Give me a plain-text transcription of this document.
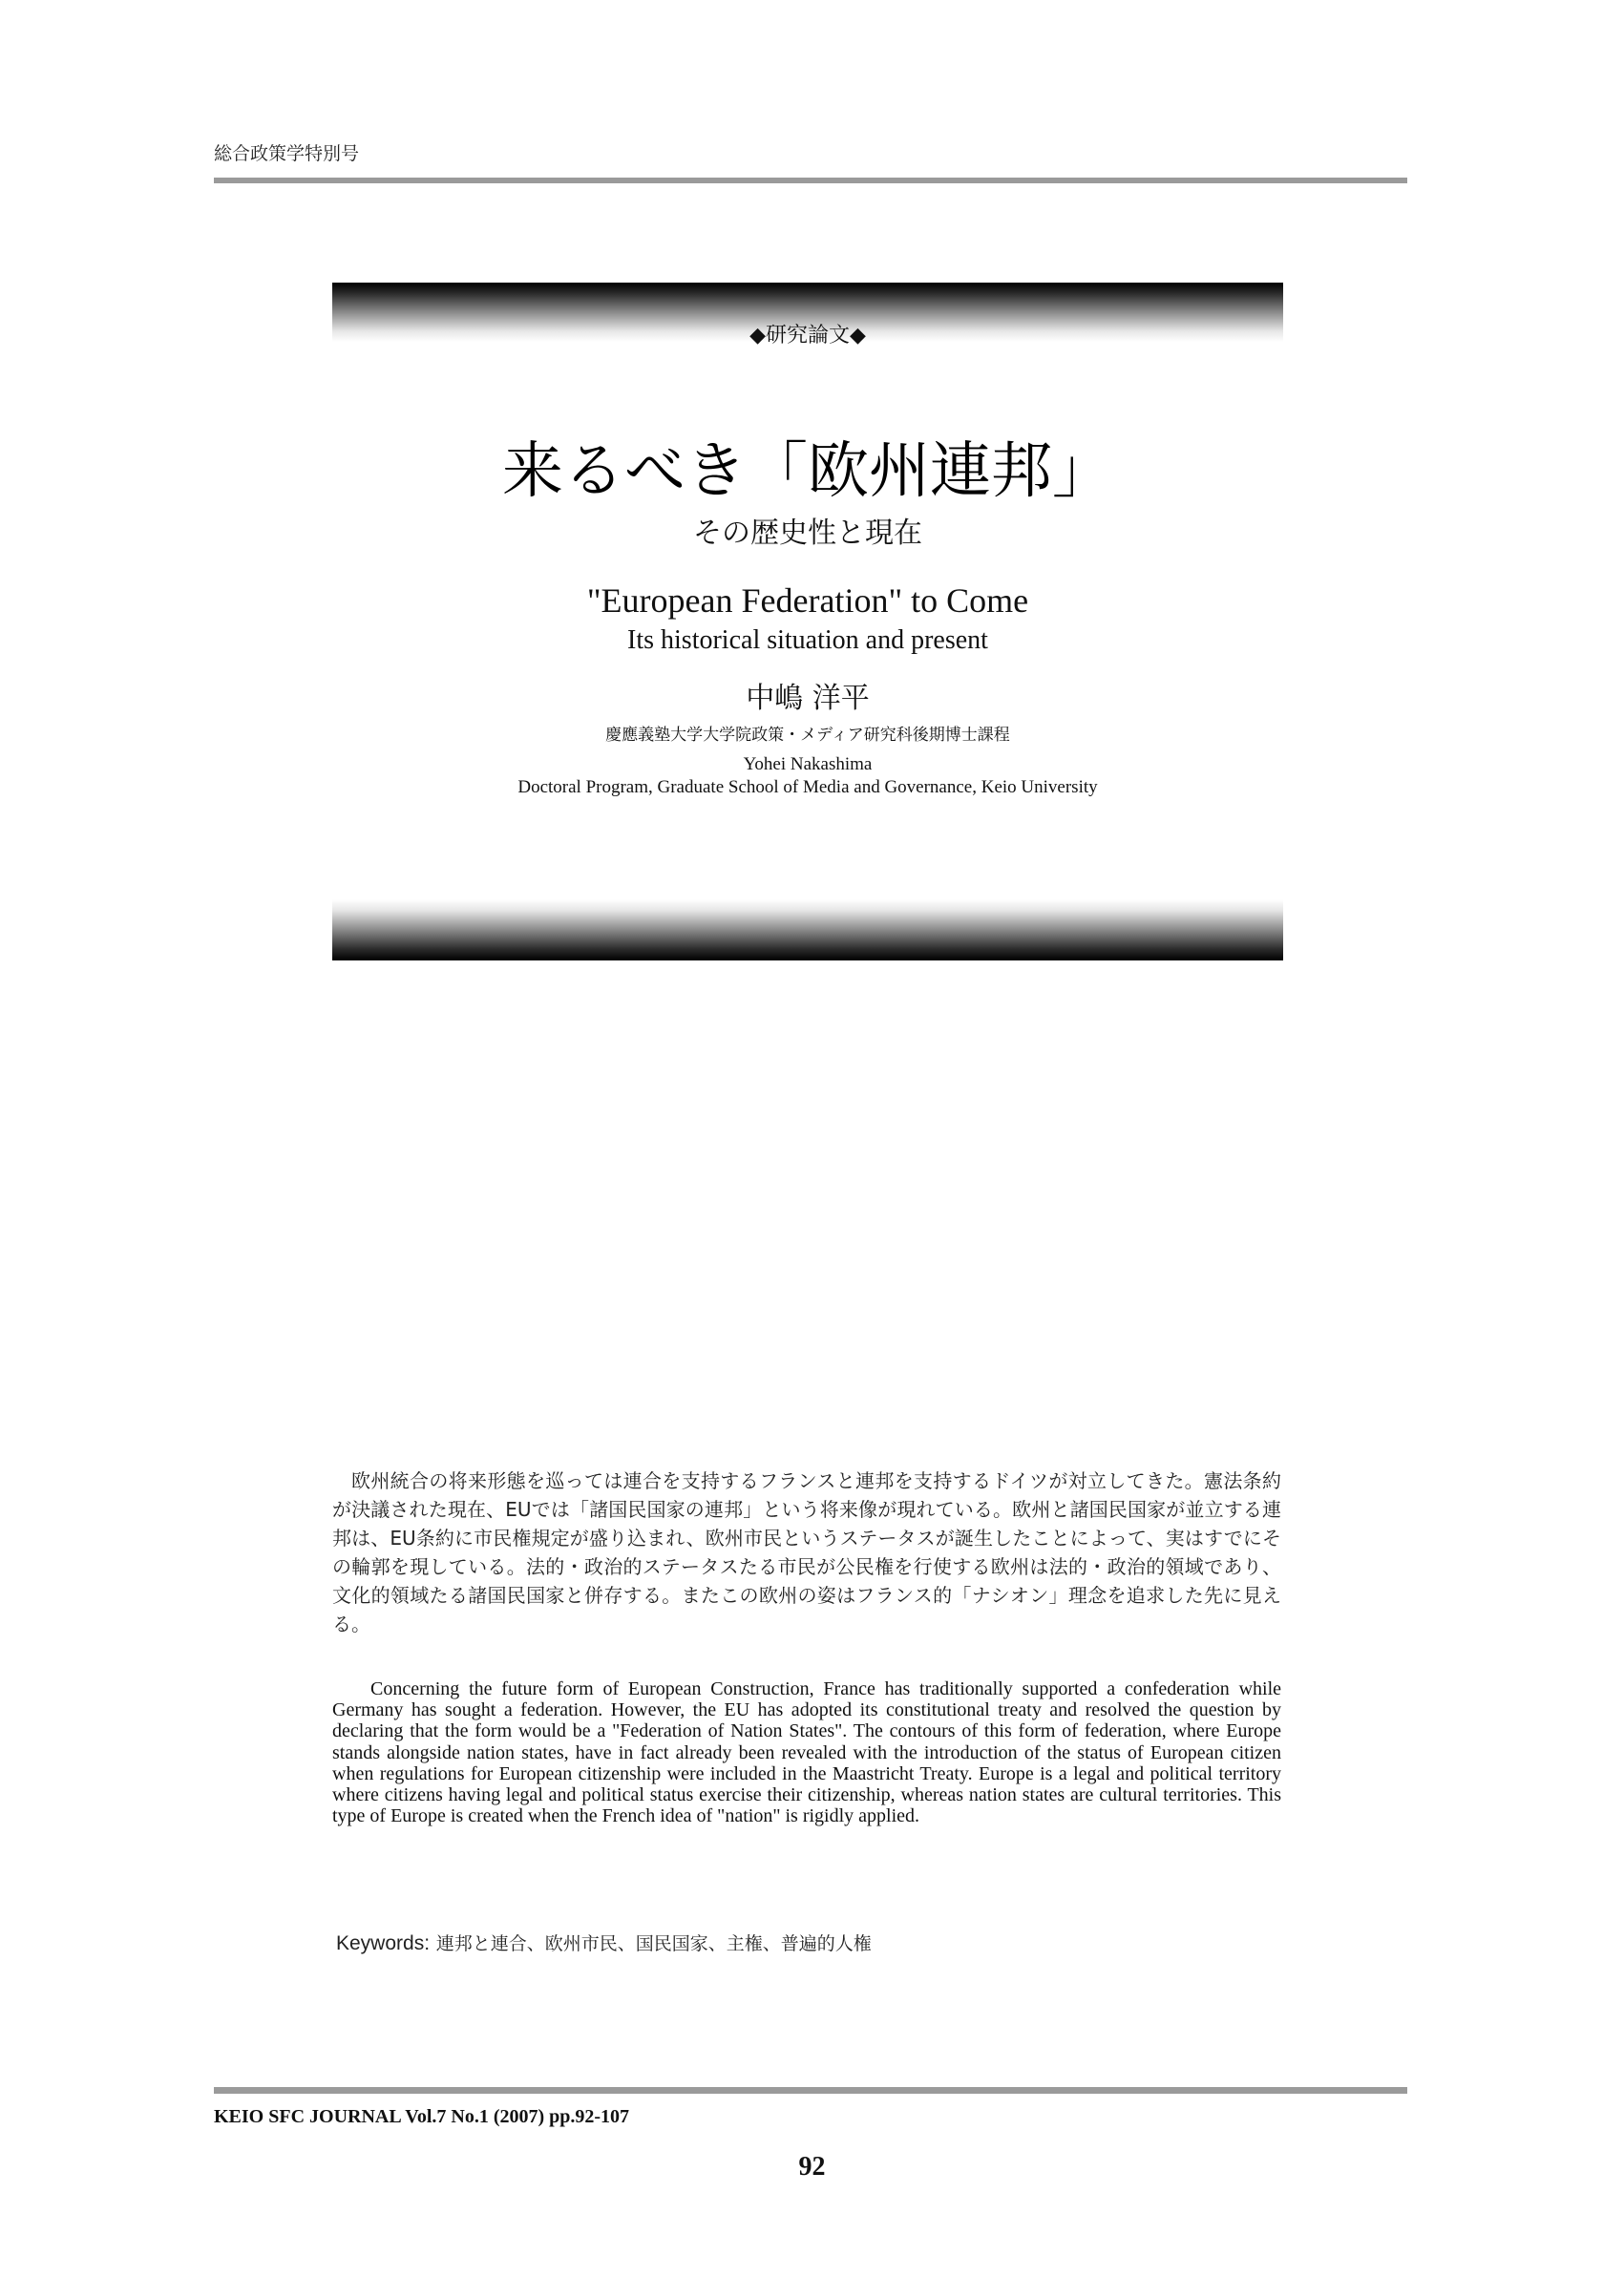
総合政策学特別号
◆研究論文◆
来るべき「欧州連邦」
その歴史性と現在
"European Federation" to Come
Its historical situation and present
中嶋 洋平
慶應義塾大学大学院政策・メディア研究科後期博士課程
Yohei Nakashima
Doctoral Program, Graduate School of Media and Governance, Keio University

欧州統合の将来形態を巡っては連合を支持するフランスと連邦を支持するドイツが対立してきた。憲法条約が決議された現在、EUでは「諸国民国家の連邦」という将来像が現れている。欧州と諸国民国家が並立する連邦は、EU条約に市民権規定が盛り込まれ、欧州市民というステータスが誕生したことによって、実はすでにその輪郭を現している。法的・政治的ステータスたる市民が公民権を行使する欧州は法的・政治的領域であり、文化的領域たる諸国民国家と併存する。またこの欧州の姿はフランス的「ナシオン」理念を追求した先に見える。

Concerning the future form of European Construction, France has traditionally supported a confederation while Germany has sought a federation. However, the EU has adopted its constitutional treaty and resolved the question by declaring that the form would be a "Federation of Nation States". The contours of this form of federation, where Europe stands alongside nation states, have in fact already been revealed with the introduction of the status of European citizen when regulations for European citizenship were included in the Maastricht Treaty. Europe is a legal and political territory where citizens having legal and political status exercise their citizenship, whereas nation states are cultural territories. This type of Europe is created when the French idea of "nation" is rigidly applied.

Keywords: 連邦と連合、欧州市民、国民国家、主権、普遍的人権
KEIO SFC JOURNAL Vol.7 No.1 (2007) pp.92-107
92
